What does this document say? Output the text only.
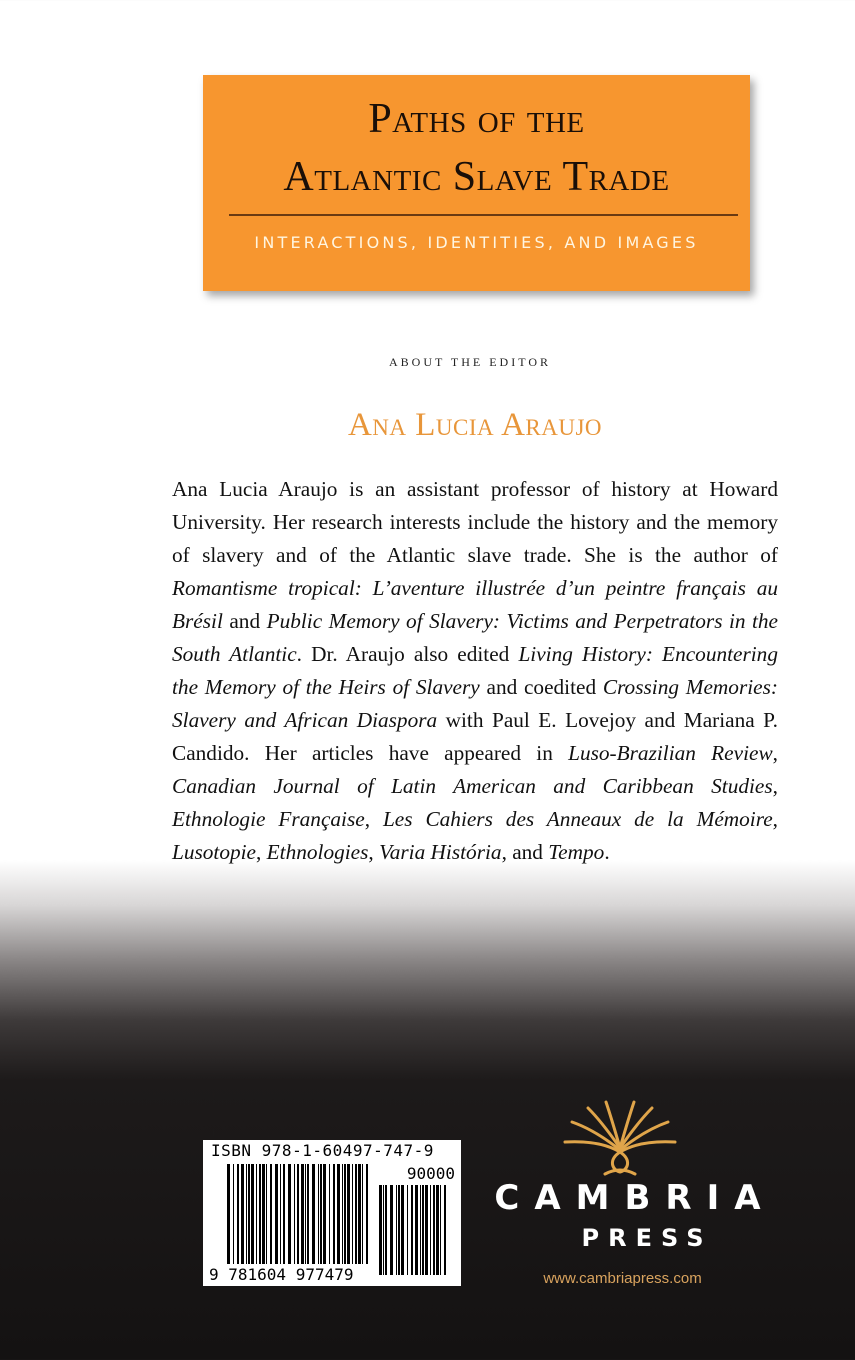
Paths of the
Atlantic Slave Trade
INTERACTIONS, IDENTITIES, AND IMAGES
ABOUT THE EDITOR
Ana Lucia Araujo
Ana Lucia Araujo is an assistant professor of history at Howard University. Her research interests include the history and the memory of slavery and of the Atlantic slave trade. She is the author of Romantisme tropical: L’aventure illustrée d’un peintre français au Brésil and Public Memory of Slavery: Victims and Perpetrators in the South Atlantic. Dr. Araujo also edited Living History: Encountering the Memory of the Heirs of Slavery and coedited Crossing Memories: Slavery and African Diaspora with Paul E. Lovejoy and Mariana P. Candido. Her articles have appeared in Luso-Brazilian Review, Canadian Journal of Latin American and Caribbean Studies, Ethnologie Française, Les Cahiers des Anneaux de la Mémoire, Lusotopie, Ethnologies, Varia História, and Tempo.
ISBN 978-1-60497-747-9
90000
9 781604 977479
CAMBRIA
PRESS
www.cambriapress.com
